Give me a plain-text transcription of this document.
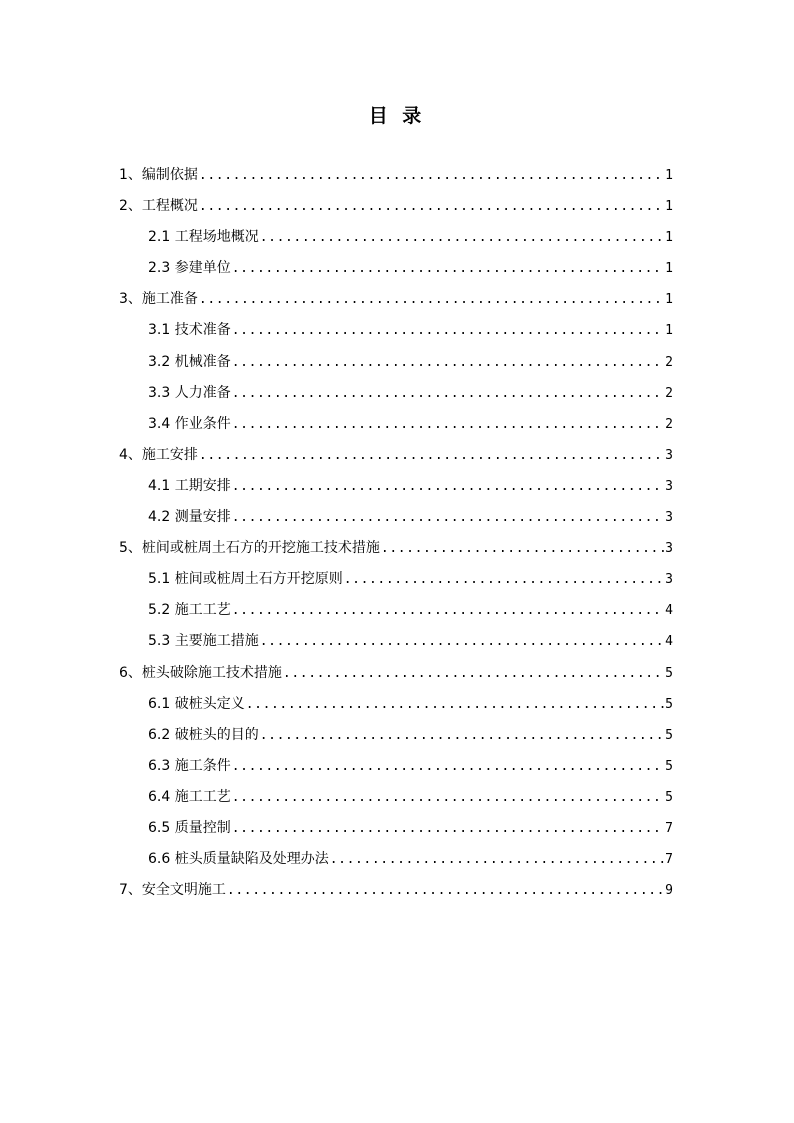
目 录
1、编制依据 .....	1
2、工程概况 .....	1
2.1 工程场地概况 .....	1
2.3 参建单位 .....	1
3、施工准备 .....	1
3.1 技术准备 .....	1
3.2 机械准备 .....	2
3.3 人力准备 .....	2
3.4 作业条件 .....	2
4、施工安排 .....	3
4.1 工期安排 .....	3
4.2 测量安排 .....	3
5、桩间或桩周土石方的开挖施工技术措施 .....	3
5.1 桩间或桩周土石方开挖原则 .....	3
5.2 施工工艺 .....	4
5.3 主要施工措施 .....	4
6、桩头破除施工技术措施 .....	5
6.1 破桩头定义 .....	5
6.2 破桩头的目的 .....	5
6.3 施工条件 .....	5
6.4 施工工艺 .....	5
6.5 质量控制 .....	7
6.6 桩头质量缺陷及处理办法 .....	7
7、安全文明施工 .....	9
